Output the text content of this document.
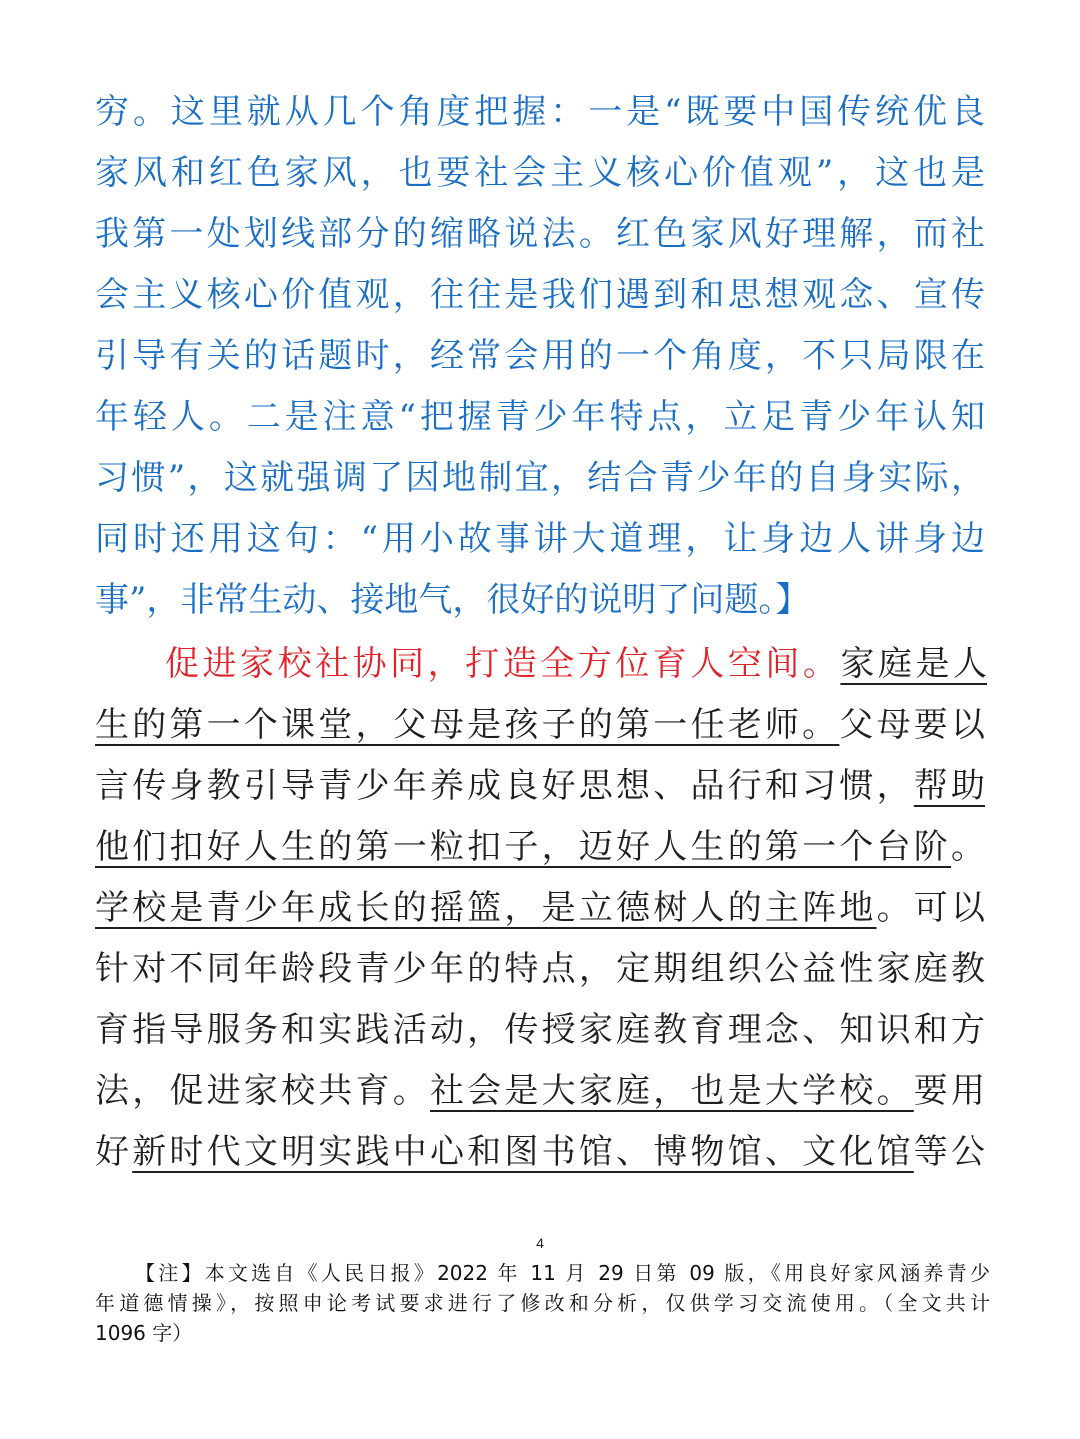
穷。这里就从几个角度把握：一是“既要中国传统优良
家风和红色家风，也要社会主义核心价值观”，这也是
我第一处划线部分的缩略说法。红色家风好理解，而社
会主义核心价值观，往往是我们遇到和思想观念、宣传
引导有关的话题时，经常会用的一个角度，不只局限在
年轻人。二是注意“把握青少年特点，立足青少年认知
习惯”，这就强调了因地制宜，结合青少年的自身实际，
同时还用这句：“用小故事讲大道理，让身边人讲身边
事”，非常生动、接地气，很好的说明了问题。】
促进家校社协同，打造全方位育人空间。家庭是人
生的第一个课堂，父母是孩子的第一任老师。父母要以
言传身教引导青少年养成良好思想、品行和习惯，帮助
他们扣好人生的第一粒扣子，迈好人生的第一个台阶。
学校是青少年成长的摇篮，是立德树人的主阵地。可以
针对不同年龄段青少年的特点，定期组织公益性家庭教
育指导服务和实践活动，传授家庭教育理念、知识和方
法，促进家校共育。社会是大家庭，也是大学校。要用
好新时代文明实践中心和图书馆、博物馆、文化馆等公
4
【注】本文选自《人民日报》2022 年 11 月 29 日第 09 版，《用良好家风涵养青少
年道德情操》，按照申论考试要求进行了修改和分析，仅供学习交流使用。（全文共计
1096 字）
